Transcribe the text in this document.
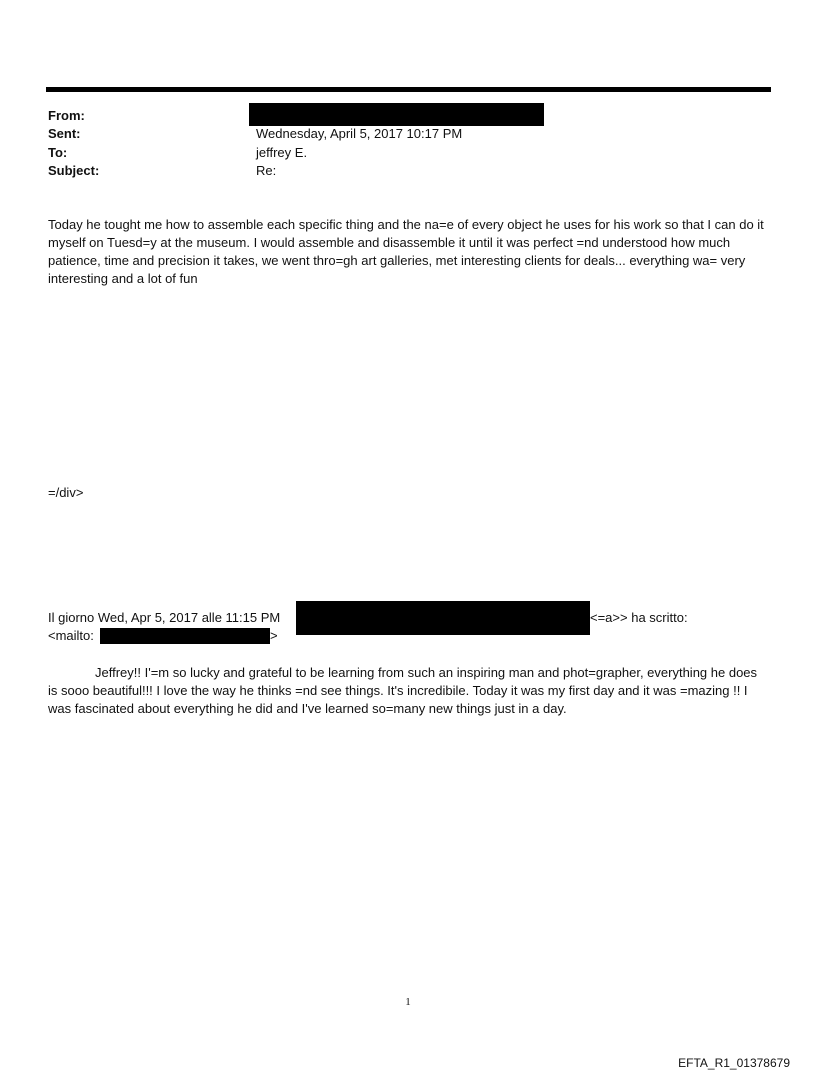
From:
Sent:	Wednesday, April 5, 2017 10:17 PM
To:	jeffrey E.
Subject:	Re:
Today he tought me how to assemble each specific thing and the na=e of every object he uses for his work so that I can do it myself on Tuesd=y at the museum. I would assemble and disassemble it until it was perfect =nd understood how much patience, time and precision it takes, we went thro=gh art galleries, met interesting clients for deals... everything wa= very interesting and a lot of fun
=/div>
Il giorno Wed, Apr 5, 2017 alle 11:15 PM	<=a>> ha scritto:
<mailto:	>
Jeffrey!! I'=m so lucky and grateful to be learning from such an inspiring man and phot=grapher, everything he does is sooo beautiful!!! I love the way he thinks =nd see things. It's incredibile. Today it was my first day and it was =mazing !! I was fascinated about everything he did and I've learned so=many new things just in a day.
1
EFTA_R1_01378679
